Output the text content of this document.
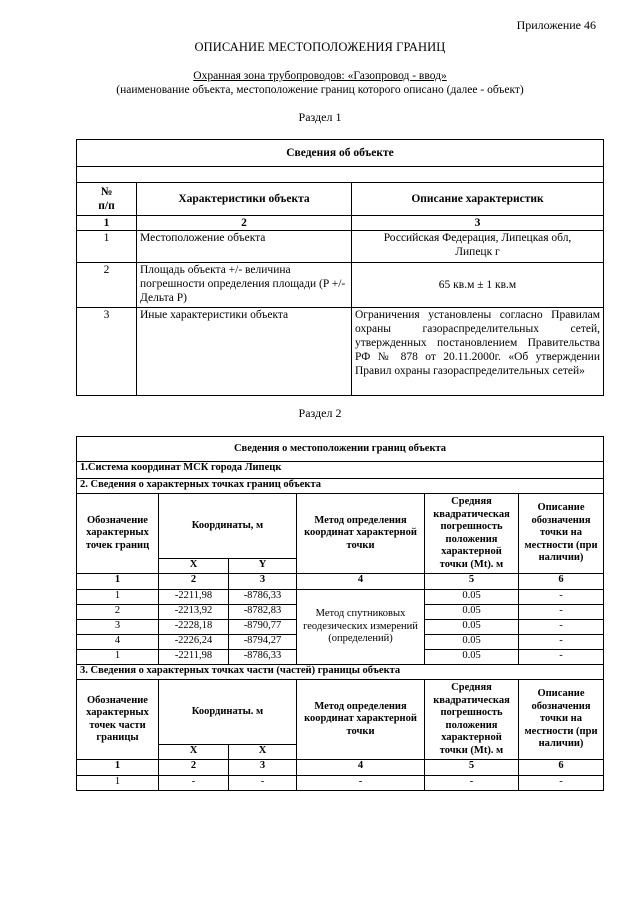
Приложение 46
ОПИСАНИЕ МЕСТОПОЛОЖЕНИЯ ГРАНИЦ
Охранная зона трубопроводов: «Газопровод - ввод»
(наименование объекта, местоположение границ которого описано (далее - объект)
Раздел 1
Сведения об объекте		

№
п/п	Характеристики объекта	Описание характеристик
1	2	3
1	Местоположение объекта	Российская Федерация, Липецкая обл,
Липецк г
2	Площадь объекта +/- величина погрешности определения площади (P +/- Дельта P)	65 кв.м ± 1 кв.м
3	Иные характеристики объекта	Ограничения установлены согласно Правилам охраны газораспределительных сетей, утвержденных постановлением Правительства РФ № 878 от 20.11.2000г. «Об утверждении Правил охраны газораспределительных сетей»
Раздел 2
Сведения о местоположении границ объекта					
1.Система координат МСК города Липецк					
2. Сведения о характерных точках границ объекта					
Обозначение характерных точек границ	Координаты, м		Метод определения координат характерной точки	Средняя квадратическая погрешность положения характерной точки (Mt). м	Описание обозначения точки на местности (при наличии)
	X	Y			
1	2	3	4	5	6
1	-2211,98	-8786,33	Метод спутниковых геодезических измерений (определений)	0.05	-
2	-2213,92	-8782,83		0.05	-
3	-2228,18	-8790,77		0.05	-
4	-2226,24	-8794,27		0.05	-
1	-2211,98	-8786,33		0.05	-
3. Сведения о характерных точках части (частей) границы объекта					
Обозначение характерных точек части границы	Координаты. м		Метод определения координат характерной точки	Средняя квадратическая погрешность положения характерной точки (Mt). м	Описание обозначения точки на местности (при наличии)
	X	X			
1	2	3	4	5	6
1	-	-	-	-	-
